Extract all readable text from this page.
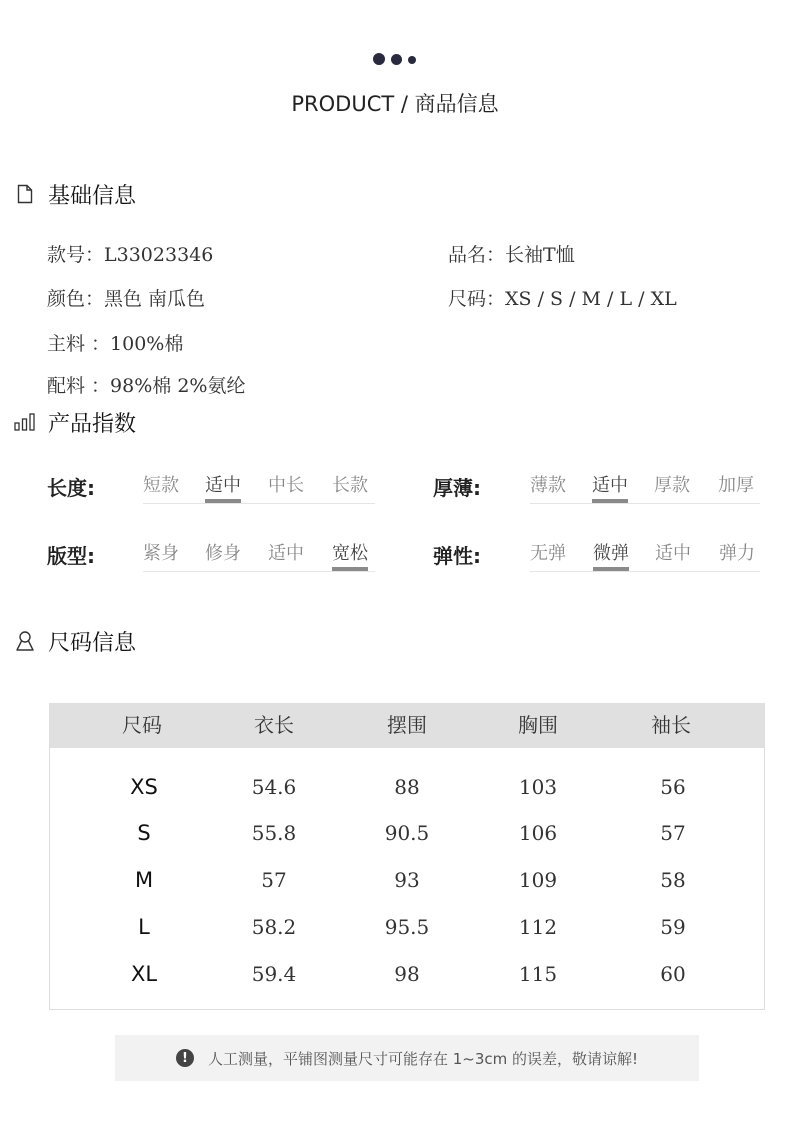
PRODUCT / 商品信息
基础信息
款号：L33023346	品名：长袖T恤
颜色：黑色 南瓜色	尺码：XS / S / M / L / XL
主料 ：100%棉
配料 ：98%棉 2%氨纶
产品指数
长度:	短款 适中 中长 长款	厚薄:	薄款 适中 厚款 加厚
版型:	紧身 修身 适中 宽松	弹性:	无弹 微弹 适中 弹力
尺码信息
尺码	衣长	摆围	胸围	袖长
XS	54.6	88	103	56
S	55.8	90.5	106	57
M	57	93	109	58
L	58.2	95.5	112	59
XL	59.4	98	115	60
!	人工测量，平铺图测量尺寸可能存在 1~3cm 的误差，敬请谅解!
